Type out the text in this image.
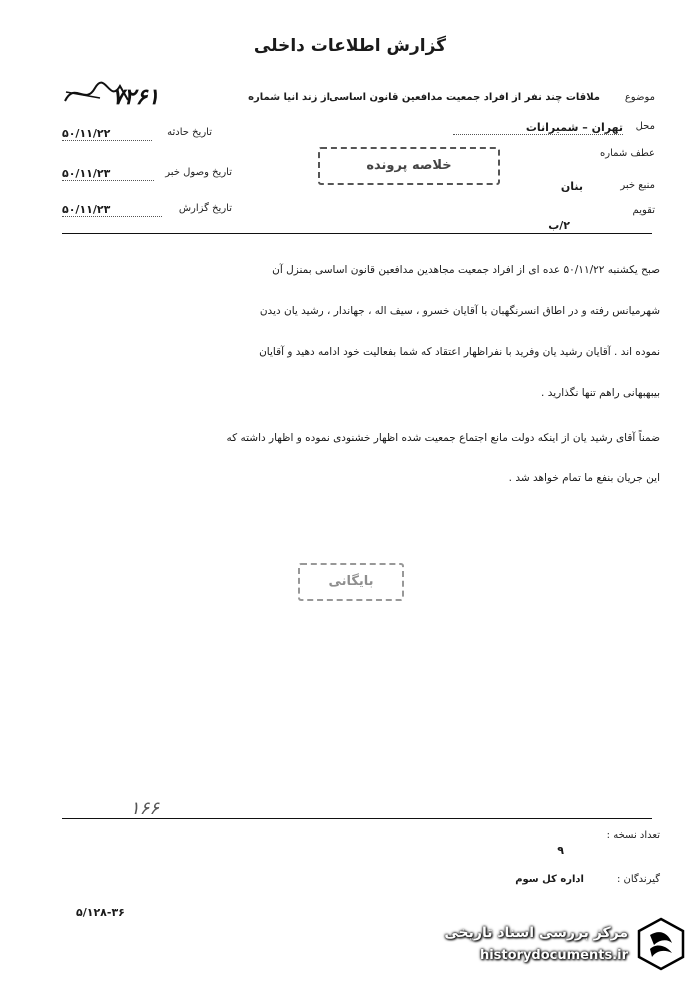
گزارش اطلاعات داخلی
۷۲۶۱	موضوع
ملاقات چند نفر از افراد جمعیت مدافعین قانون اساسی
از زند انیا شماره
تاریخ حادثه
۵۰/۱۱/۲۲
تاریخ وصول خبر
۵۰/۱۱/۲۳
تاریخ گزارش
۵۰/۱۱/۲۳
محل
تهران – شمیرانات
عطف شماره
منبع خبر
بنان
تقویم
۲/ب
خلاصه پرونده
صبح یکشنبه ۵۰/۱۱/۲۲ عده ای از افراد جمعیت مجاهدین مدافعین قانون اساسی بمنزل آن
شهرمیانس رفته و در اطاق انسرنگهبان با آقایان خسرو ، سیف اله ، جهاندار ، رشید یان دیدن
نموده اند . آقایان رشید یان وفرید با نفراظهار اعتقاد که شما بفعالیت خود ادامه دهید و آقایان
بیبهبهانی راهم تنها نگذارید .
ضمناً آقای رشید یان از اینکه دولت مانع اجتماع جمعیت شده اظهار خشنودی نموده و اظهار داشته که
این جریان بنفع ما تمام خواهد شد .
بایگانی
۱۶۶
تعداد نسخه :
۹
گیرندگان :
اداره کل سوم
۵/۱۲۸-۳۶
مرکز بررسی اسناد تاریخی
historydocuments.ir
